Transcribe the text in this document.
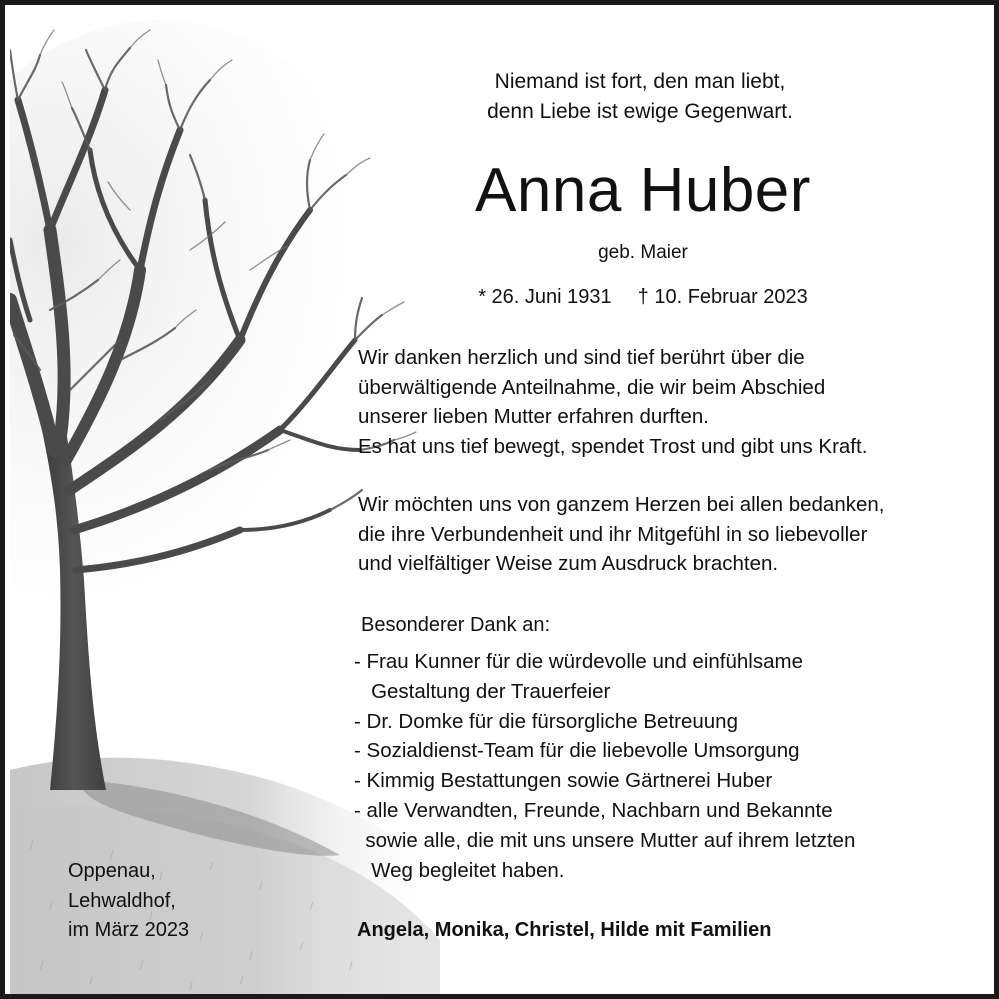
Niemand ist fort, den man liebt,
denn Liebe ist ewige Gegenwart.

Anna Huber

geb. Maier

* 26. Juni 1931 † 10. Februar 2023

Wir danken herzlich und sind tief berührt über die
überwältigende Anteilnahme, die wir beim Abschied
unserer lieben Mutter erfahren durften.
Es hat uns tief bewegt, spendet Trost und gibt uns Kraft.

Wir möchten uns von ganzem Herzen bei allen bedanken,
die ihre Verbundenheit und ihr Mitgefühl in so liebevoller
und vielfältiger Weise zum Ausdruck brachten.

Besonderer Dank an:

- Frau Kunner für die würdevolle und einfühlsame
Gestaltung der Trauerfeier
- Dr. Domke für die fürsorgliche Betreuung
- Sozialdienst-Team für die liebevolle Umsorgung
- Kimmig Bestattungen sowie Gärtnerei Huber
- alle Verwandten, Freunde, Nachbarn und Bekannte
sowie alle, die mit uns unsere Mutter auf ihrem letzten
Weg begleitet haben.

Oppenau,
Lehwaldhof,
im März 2023	Angela, Monika, Christel, Hilde mit Familien
